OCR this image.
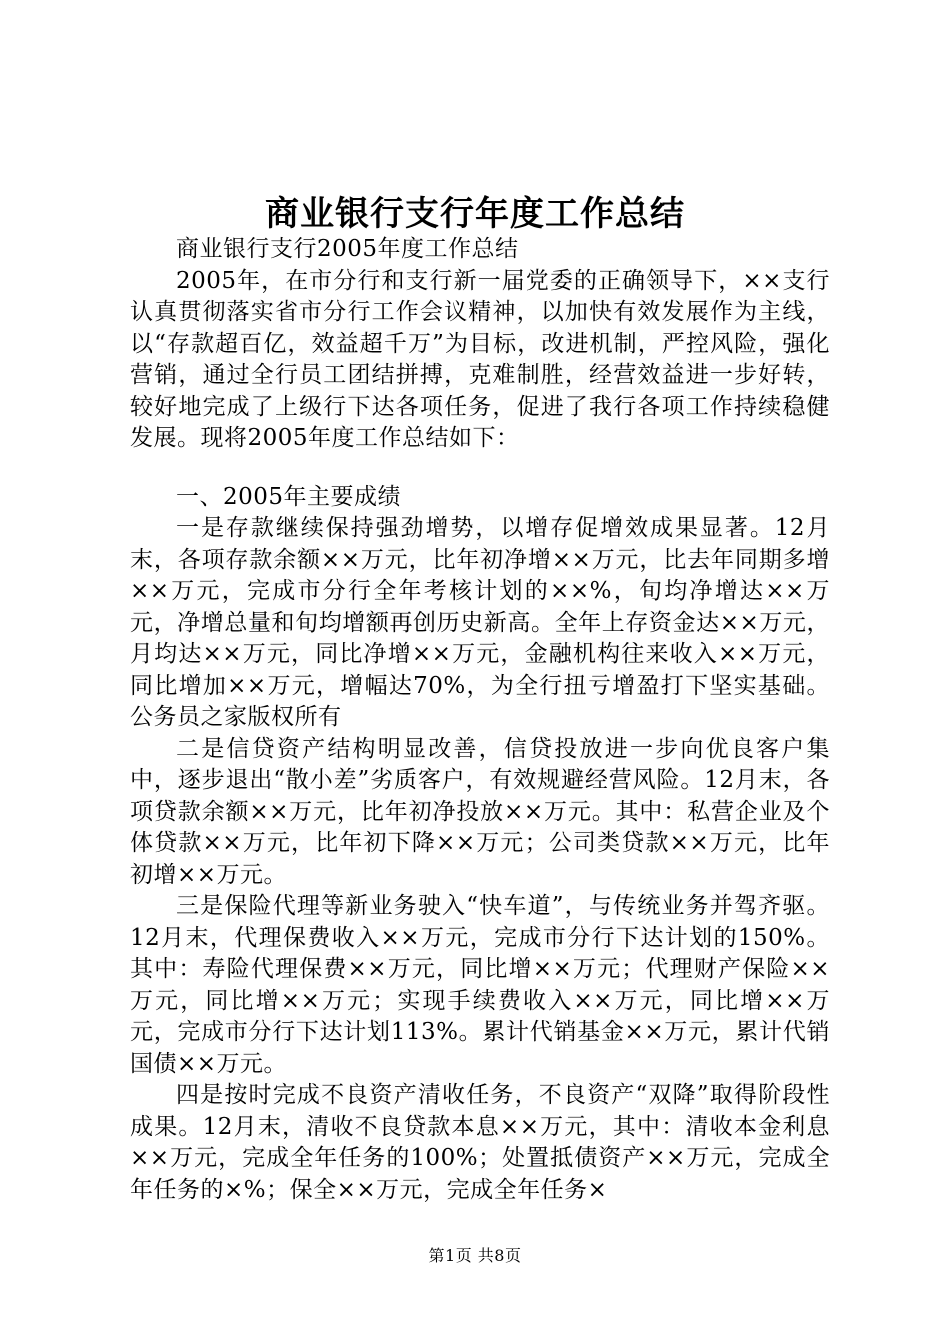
商业银行支行年度工作总结

商业银行支行2005年度工作总结

2005年，在市分行和支行新一届党委的正确领导下，××支行认真贯彻落实省市分行工作会议精神，以加快有效发展作为主线，以“存款超百亿，效益超千万”为目标，改进机制，严控风险，强化营销，通过全行员工团结拼搏，克难制胜，经营效益进一步好转，较好地完成了上级行下达各项任务，促进了我行各项工作持续稳健发展。现将2005年度工作总结如下：

一、2005年主要成绩

一是存款继续保持强劲增势，以增存促增效成果显著。12月末，各项存款余额××万元，比年初净增××万元，比去年同期多增××万元，完成市分行全年考核计划的××%，旬均净增达××万元，净增总量和旬均增额再创历史新高。全年上存资金达××万元，月均达××万元，同比净增××万元，金融机构往来收入××万元，同比增加××万元，增幅达70%，为全行扭亏增盈打下坚实基础。公务员之家版权所有

二是信贷资产结构明显改善，信贷投放进一步向优良客户集中，逐步退出“散小差”劣质客户，有效规避经营风险。12月末，各项贷款余额××万元，比年初净投放××万元。其中：私营企业及个体贷款××万元，比年初下降××万元；公司类贷款××万元，比年初增××万元。

三是保险代理等新业务驶入“快车道”，与传统业务并驾齐驱。12月末，代理保费收入××万元，完成市分行下达计划的150%。其中：寿险代理保费××万元，同比增××万元；代理财产保险××万元，同比增××万元；实现手续费收入××万元，同比增××万元，完成市分行下达计划113%。累计代销基金××万元，累计代销国债××万元。

四是按时完成不良资产清收任务，不良资产“双降”取得阶段性成果。12月末，清收不良贷款本息××万元，其中：清收本金利息××万元，完成全年任务的100%；处置抵债资产××万元，完成全年任务的×%；保全××万元，完成全年任务×

第1页 共8页
